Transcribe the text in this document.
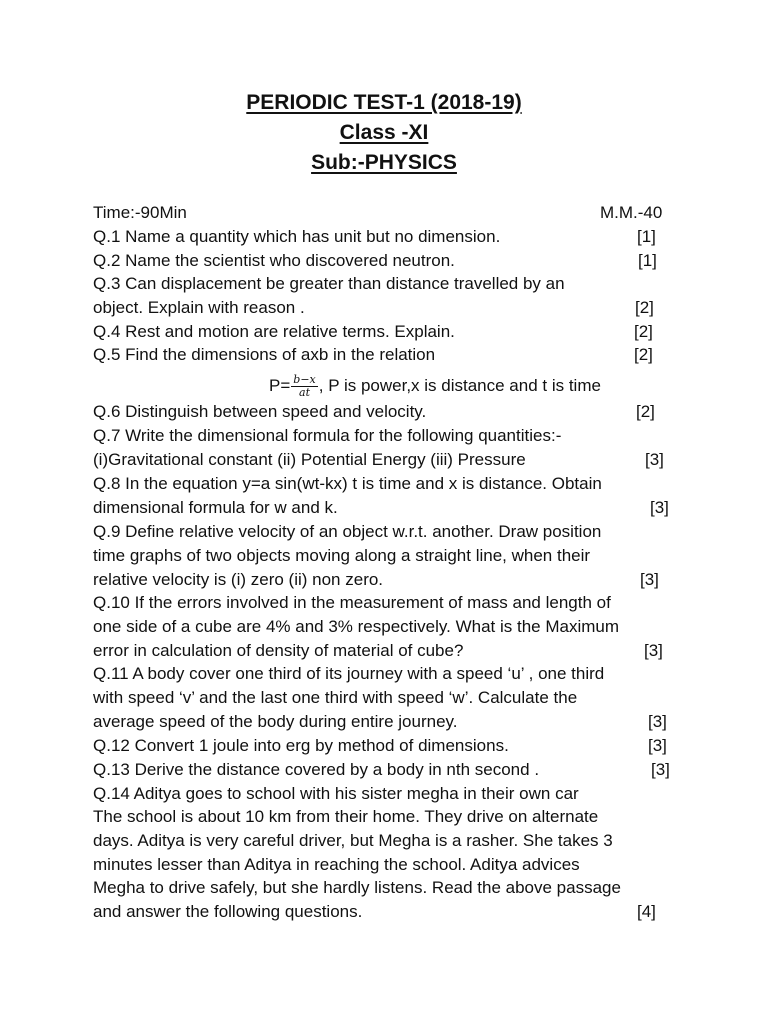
PERIODIC TEST-1 (2018-19)
Class -XI
Sub:-PHYSICS
Time:-90Min	M.M.-40
Q.1 Name a quantity which has unit but no dimension.	[1]
Q.2 Name the scientist who discovered neutron.	[1]
Q.3 Can displacement be greater than distance travelled by an
object. Explain with reason .	[2]
Q.4 Rest and motion are relative terms. Explain.	[2]
Q.5 Find the dimensions of axb in the relation	[2]
$P= \frac{b-x}{at}$ , P is power,x is distance and t is time
Q.6 Distinguish between speed and velocity.	[2]
Q.7 Write the dimensional formula for the following quantities:-
(i)Gravitational constant (ii) Potential Energy (iii) Pressure	[3]
Q.8 In the equation y=a sin(wt-kx) t is time and x is distance. Obtain
dimensional formula for w and k.	[3]
Q.9 Define relative velocity of an object w.r.t. another. Draw position
time graphs of two objects moving along a straight line, when their
relative velocity is (i) zero (ii) non zero.	[3]
Q.10 If the errors involved in the measurement of mass and length of
one side of a cube are 4% and 3% respectively. What is the Maximum
error in calculation of density of material of cube?	[3]
Q.11 A body cover one third of its journey with a speed ‘u’ , one third
with speed ‘v’ and the last one third with speed ‘w’. Calculate the
average speed of the body during entire journey.	[3]
Q.12 Convert 1 joule into erg by method of dimensions.	[3]
Q.13 Derive the distance covered by a body in nth second .	[3]
Q.14 Aditya goes to school with his sister megha in their own car
The school is about 10 km from their home. They drive on alternate
days. Aditya is very careful driver, but Megha is a rasher. She takes 3
minutes lesser than Aditya in reaching the school. Aditya advices
Megha to drive safely, but she hardly listens. Read the above passage
and answer the following questions.	[4]
